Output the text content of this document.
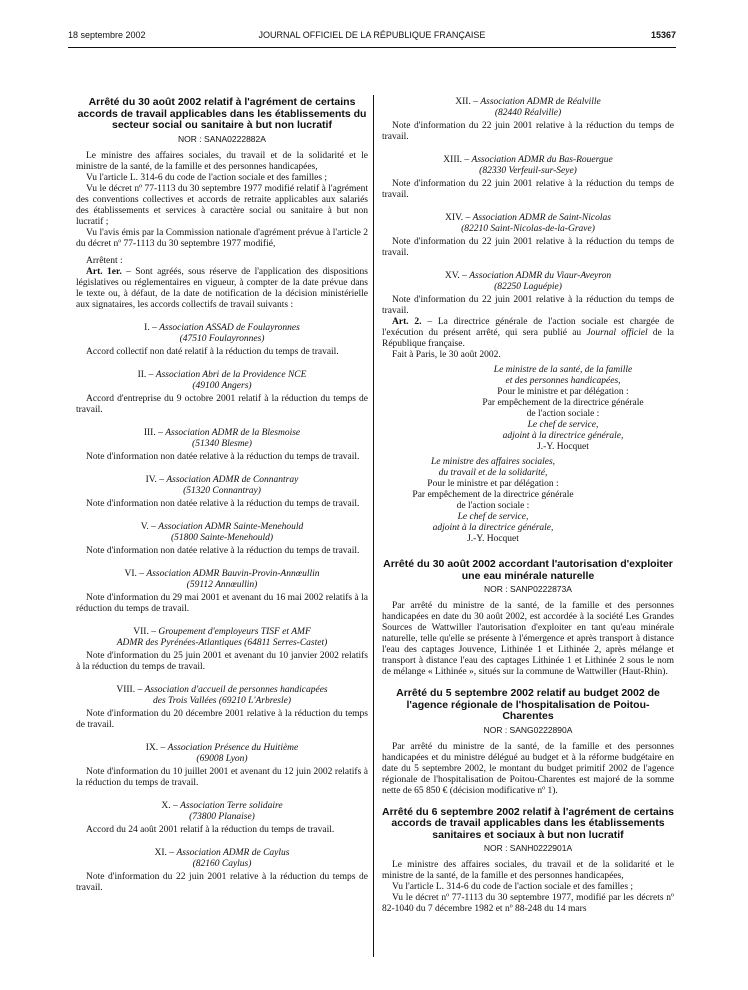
18 septembre 2002	JOURNAL OFFICIEL DE LA RÉPUBLIQUE FRANÇAISE	15367
Arrêté du 30 août 2002 relatif à l'agrément de certains accords de travail applicables dans les établissements du secteur social ou sanitaire à but non lucratif
NOR : SANA0222882A

Le ministre des affaires sociales, du travail et de la solidarité et le ministre de la santé, de la famille et des personnes handicapées,

Vu l'article L. 314-6 du code de l'action sociale et des familles ;

Vu le décret nº 77-1113 du 30 septembre 1977 modifié relatif à l'agrément des conventions collectives et accords de retraite applicables aux salariés des établissements et services à caractère social ou sanitaire à but non lucratif ;

Vu l'avis émis par la Commission nationale d'agrément prévue à l'article 2 du décret nº 77-1113 du 30 septembre 1977 modifié,

Arrêtent :

Art. 1er. – Sont agréés, sous réserve de l'application des dispositions législatives ou réglementaires en vigueur, à compter de la date prévue dans le texte ou, à défaut, de la date de notification de la décision ministérielle aux signataires, les accords collectifs de travail suivants :

I. – Association ASSAD de Foulayronnes
(47510 Foulayronnes)

Accord collectif non daté relatif à la réduction du temps de travail.

II. – Association Abri de la Providence NCE
(49100 Angers)

Accord d'entreprise du 9 octobre 2001 relatif à la réduction du temps de travail.

III. – Association ADMR de la Blesmoise
(51340 Blesme)

Note d'information non datée relative à la réduction du temps de travail.

IV. – Association ADMR de Connantray
(51320 Connantray)

Note d'information non datée relative à la réduction du temps de travail.

V. – Association ADMR Sainte-Menehould
(51800 Sainte-Menehould)

Note d'information non datée relative à la réduction du temps de travail.

VI. – Association ADMR Bauvin-Provin-Annœullin
(59112 Annœullin)

Note d'information du 29 mai 2001 et avenant du 16 mai 2002 relatifs à la réduction du temps de travail.

VII. – Groupement d'employeurs TISF et AMF
ADMR des Pyrénées-Atlantiques (64811 Serres-Castet)

Note d'information du 25 juin 2001 et avenant du 10 janvier 2002 relatifs à la réduction du temps de travail.

VIII. – Association d'accueil de personnes handicapées
des Trois Vallées (69210 L'Arbresle)

Note d'information du 20 décembre 2001 relative à la réduction du temps de travail.

IX. – Association Présence du Huitième
(69008 Lyon)

Note d'information du 10 juillet 2001 et avenant du 12 juin 2002 relatifs à la réduction du temps de travail.

X. – Association Terre solidaire
(73800 Planaise)

Accord du 24 août 2001 relatif à la réduction du temps de travail.

XI. – Association ADMR de Caylus
(82160 Caylus)

Note d'information du 22 juin 2001 relative à la réduction du temps de travail.

XII. – Association ADMR de Réalville
(82440 Réalville)

Note d'information du 22 juin 2001 relative à la réduction du temps de travail.

XIII. – Association ADMR du Bas-Rouergue
(82330 Verfeuil-sur-Seye)

Note d'information du 22 juin 2001 relative à la réduction du temps de travail.

XIV. – Association ADMR de Saint-Nicolas
(82210 Saint-Nicolas-de-la-Grave)

Note d'information du 22 juin 2001 relative à la réduction du temps de travail.

XV. – Association ADMR du Viaur-Aveyron
(82250 Laguépie)

Note d'information du 22 juin 2001 relative à la réduction du temps de travail.

Art. 2. – La directrice générale de l'action sociale est chargée de l'exécution du présent arrêté, qui sera publié au Journal officiel de la République française.

Fait à Paris, le 30 août 2002.

Le ministre de la santé, de la famille
et des personnes handicapées,
Pour le ministre et par délégation :
Par empêchement de la directrice générale
de l'action sociale :
Le chef de service,
adjoint à la directrice générale,
J.-Y. Hocquet
Le ministre des affaires sociales,
du travail et de la solidarité,
Pour le ministre et par délégation :
Par empêchement de la directrice générale
de l'action sociale :
Le chef de service,
adjoint à la directrice générale,
J.-Y. Hocquet
Arrêté du 30 août 2002 accordant l'autorisation d'exploiter une eau minérale naturelle
NOR : SANP0222873A

Par arrêté du ministre de la santé, de la famille et des personnes handicapées en date du 30 août 2002, est accordée à la société Les Grandes Sources de Wattwiller l'autorisation d'exploiter en tant qu'eau minérale naturelle, telle qu'elle se présente à l'émergence et après transport à distance l'eau des captages Jouvence, Lithinée 1 et Lithinée 2, après mélange et transport à distance l'eau des captages Lithinée 1 et Lithinée 2 sous le nom de mélange « Lithinée », situés sur la commune de Wattwiller (Haut-Rhin).

Arrêté du 5 septembre 2002 relatif au budget 2002 de l'agence régionale de l'hospitalisation de Poitou-Charentes
NOR : SANG0222890A

Par arrêté du ministre de la santé, de la famille et des personnes handicapées et du ministre délégué au budget et à la réforme budgétaire en date du 5 septembre 2002, le montant du budget primitif 2002 de l'agence régionale de l'hospitalisation de Poitou-Charentes est majoré de la somme nette de 65 850 € (décision modificative nº 1).

Arrêté du 6 septembre 2002 relatif à l'agrément de certains accords de travail applicables dans les établissements sanitaires et sociaux à but non lucratif
NOR : SANH0222901A

Le ministre des affaires sociales, du travail et de la solidarité et le ministre de la santé, de la famille et des personnes handicapées,

Vu l'article L. 314-6 du code de l'action sociale et des familles ;

Vu le décret nº 77-1113 du 30 septembre 1977, modifié par les décrets nº 82-1040 du 7 décembre 1982 et nº 88-248 du 14 mars
